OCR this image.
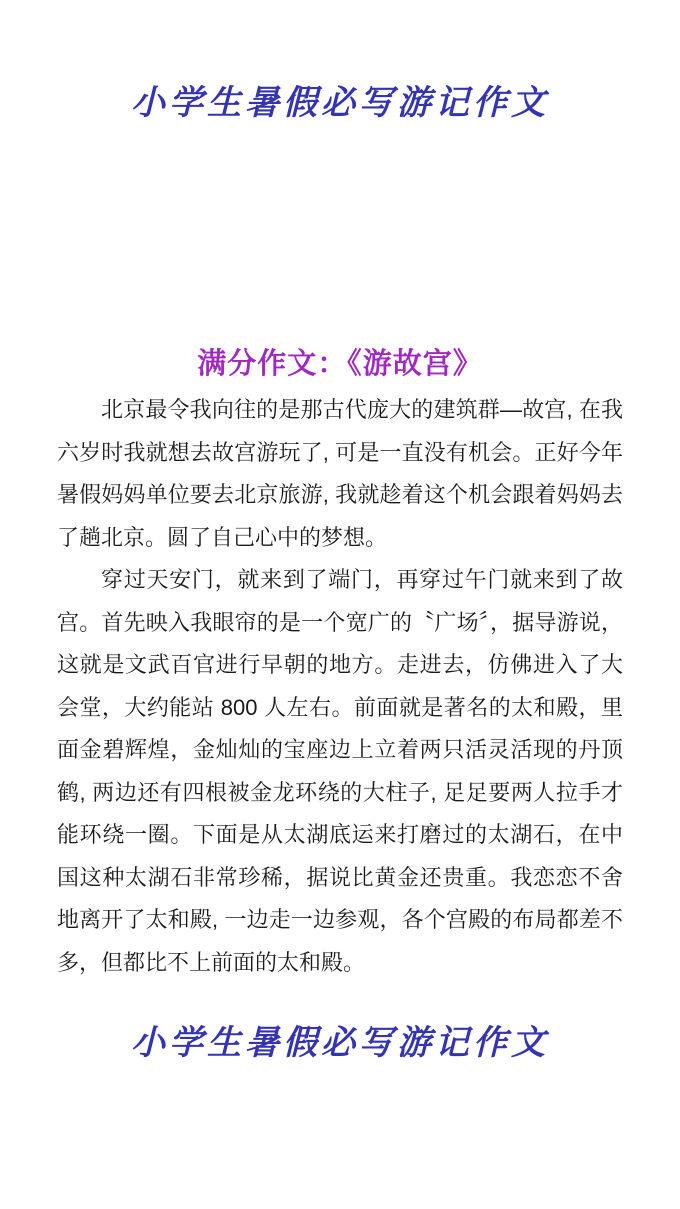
小学生暑假必写游记作文
满分作文：《游故宫》

北京最令我向往的是那古代庞大的建筑群—故宫, 在我六岁时我就想去故宫游玩了, 可是一直没有机会。正好今年暑假妈妈单位要去北京旅游, 我就趁着这个机会跟着妈妈去了趟北京。圆了自己心中的梦想。

穿过天安门，就来到了端门，再穿过午门就来到了故宫。首先映入我眼帘的是一个宽广的〝广场〞，据导游说，这就是文武百官进行早朝的地方。走进去，仿佛进入了大会堂，大约能站 800 人左右。前面就是著名的太和殿，里面金碧辉煌，金灿灿的宝座边上立着两只活灵活现的丹顶鹤, 两边还有四根被金龙环绕的大柱子, 足足要两人拉手才能环绕一圈。下面是从太湖底运来打磨过的太湖石，在中国这种太湖石非常珍稀，据说比黄金还贵重。我恋恋不舍地离开了太和殿, 一边走一边参观，各个宫殿的布局都差不多，但都比不上前面的太和殿。

小学生暑假必写游记作文
